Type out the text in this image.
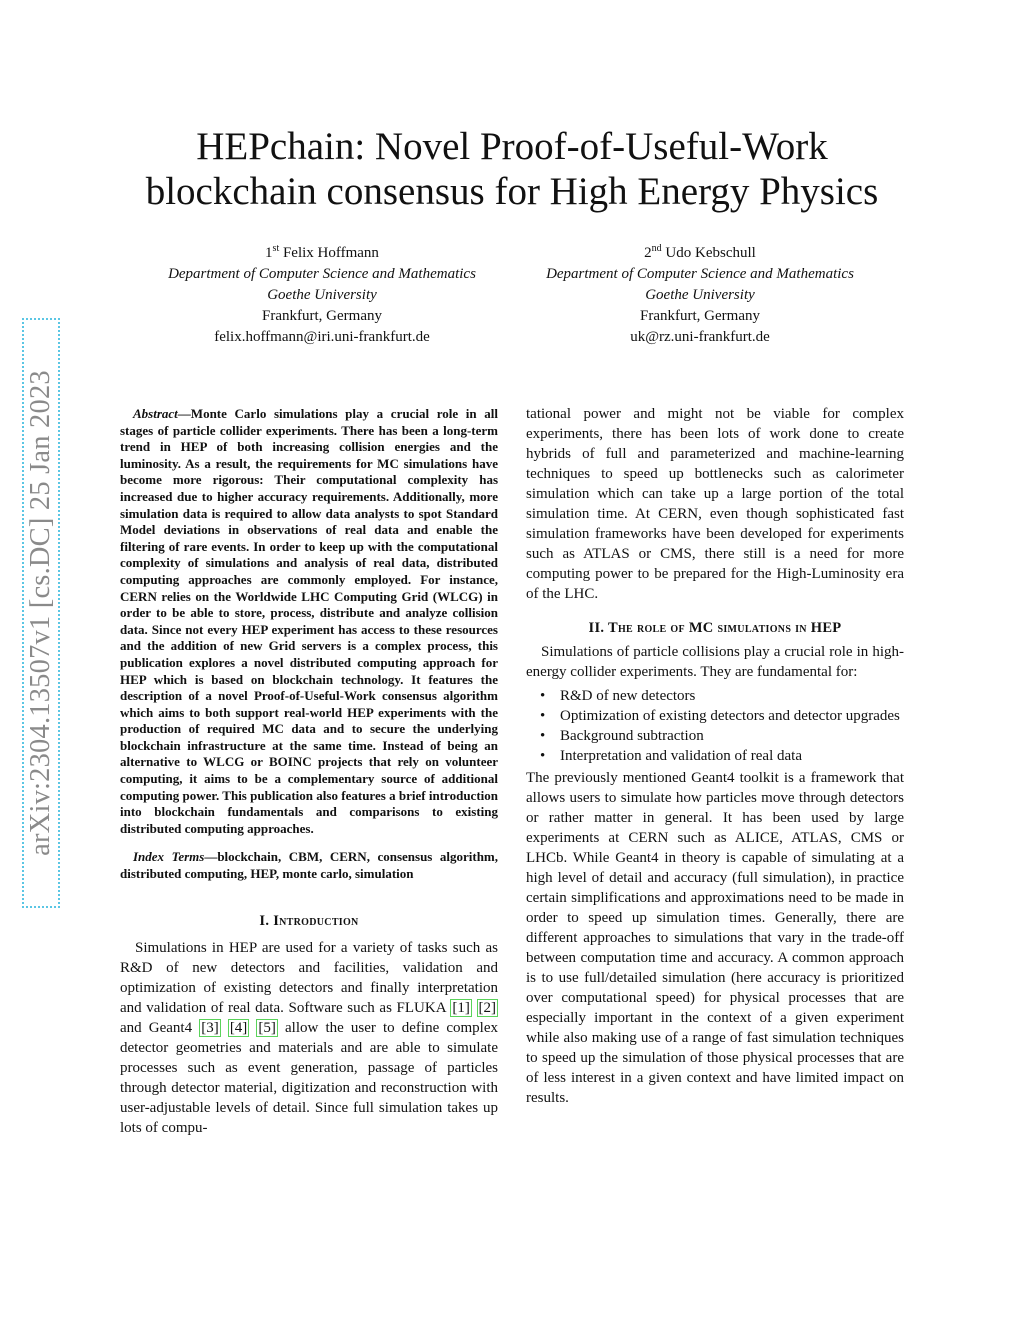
arXiv:2304.13507v1 [cs.DC] 25 Jan 2023
HEPchain: Novel Proof-of-Useful-Work
blockchain consensus for High Energy Physics
1st Felix Hoffmann
Department of Computer Science and Mathematics
Goethe University
Frankfurt, Germany
felix.hoffmann@iri.uni-frankfurt.de
2nd Udo Kebschull
Department of Computer Science and Mathematics
Goethe University
Frankfurt, Germany
uk@rz.uni-frankfurt.de

Abstract—Monte Carlo simulations play a crucial role in all stages of particle collider experiments. There has been a long-term trend in HEP of both increasing collision energies and the luminosity. As a result, the requirements for MC simulations have become more rigorous: Their computational complexity has increased due to higher accuracy requirements. Additionally, more simulation data is required to allow data analysts to spot Standard Model deviations in observations of real data and enable the filtering of rare events. In order to keep up with the computational complexity of simulations and analysis of real data, distributed computing approaches are commonly employed. For instance, CERN relies on the Worldwide LHC Computing Grid (WLCG) in order to be able to store, process, distribute and analyze collision data. Since not every HEP experiment has access to these resources and the addition of new Grid servers is a complex process, this publication explores a novel distributed computing approach for HEP which is based on blockchain technology. It features the description of a novel Proof-of-Useful-Work consensus algorithm which aims to both support real-world HEP experiments with the production of required MC data and to secure the underlying blockchain infrastructure at the same time. Instead of being an alternative to WLCG or BOINC projects that rely on volunteer computing, it aims to be a complementary source of additional computing power. This publication also features a brief introduction into blockchain fundamentals and comparisons to existing distributed computing approaches.

Index Terms—blockchain, CBM, CERN, consensus algorithm, distributed computing, HEP, monte carlo, simulation

I. Introduction

Simulations in HEP are used for a variety of tasks such as R&D of new detectors and facilities, validation and optimization of existing detectors and finally interpretation and validation of real data. Software such as FLUKA [1] [2] and Geant4 [3] [4] [5] allow the user to define complex detector geometries and materials and are able to simulate processes such as event generation, passage of particles through detector material, digitization and reconstruction with user-adjustable levels of detail. Since full simulation takes up lots of compu-

tational power and might not be viable for complex experiments, there has been lots of work done to create hybrids of full and parameterized and machine-learning techniques to speed up bottlenecks such as calorimeter simulation which can take up a large portion of the total simulation time. At CERN, even though sophisticated fast simulation frameworks have been developed for experiments such as ATLAS or CMS, there still is a need for more computing power to be prepared for the High-Luminosity era of the LHC.

II. The role of MC simulations in HEP

Simulations of particle collisions play a crucial role in high-energy collider experiments. They are fundamental for:

• R&D of new detectors
• Optimization of existing detectors and detector upgrades
• Background subtraction
• Interpretation and validation of real data

The previously mentioned Geant4 toolkit is a framework that allows users to simulate how particles move through detectors or rather matter in general. It has been used by large experiments at CERN such as ALICE, ATLAS, CMS or LHCb. While Geant4 in theory is capable of simulating at a high level of detail and accuracy (full simulation), in practice certain simplifications and approximations need to be made in order to speed up simulation times. Generally, there are different approaches to simulations that vary in the trade-off between computation time and accuracy. A common approach is to use full/detailed simulation (here accuracy is prioritized over computational speed) for physical processes that are especially important in the context of a given experiment while also making use of a range of fast simulation techniques to speed up the simulation of those physical processes that are of less interest in a given context and have limited impact on results.
